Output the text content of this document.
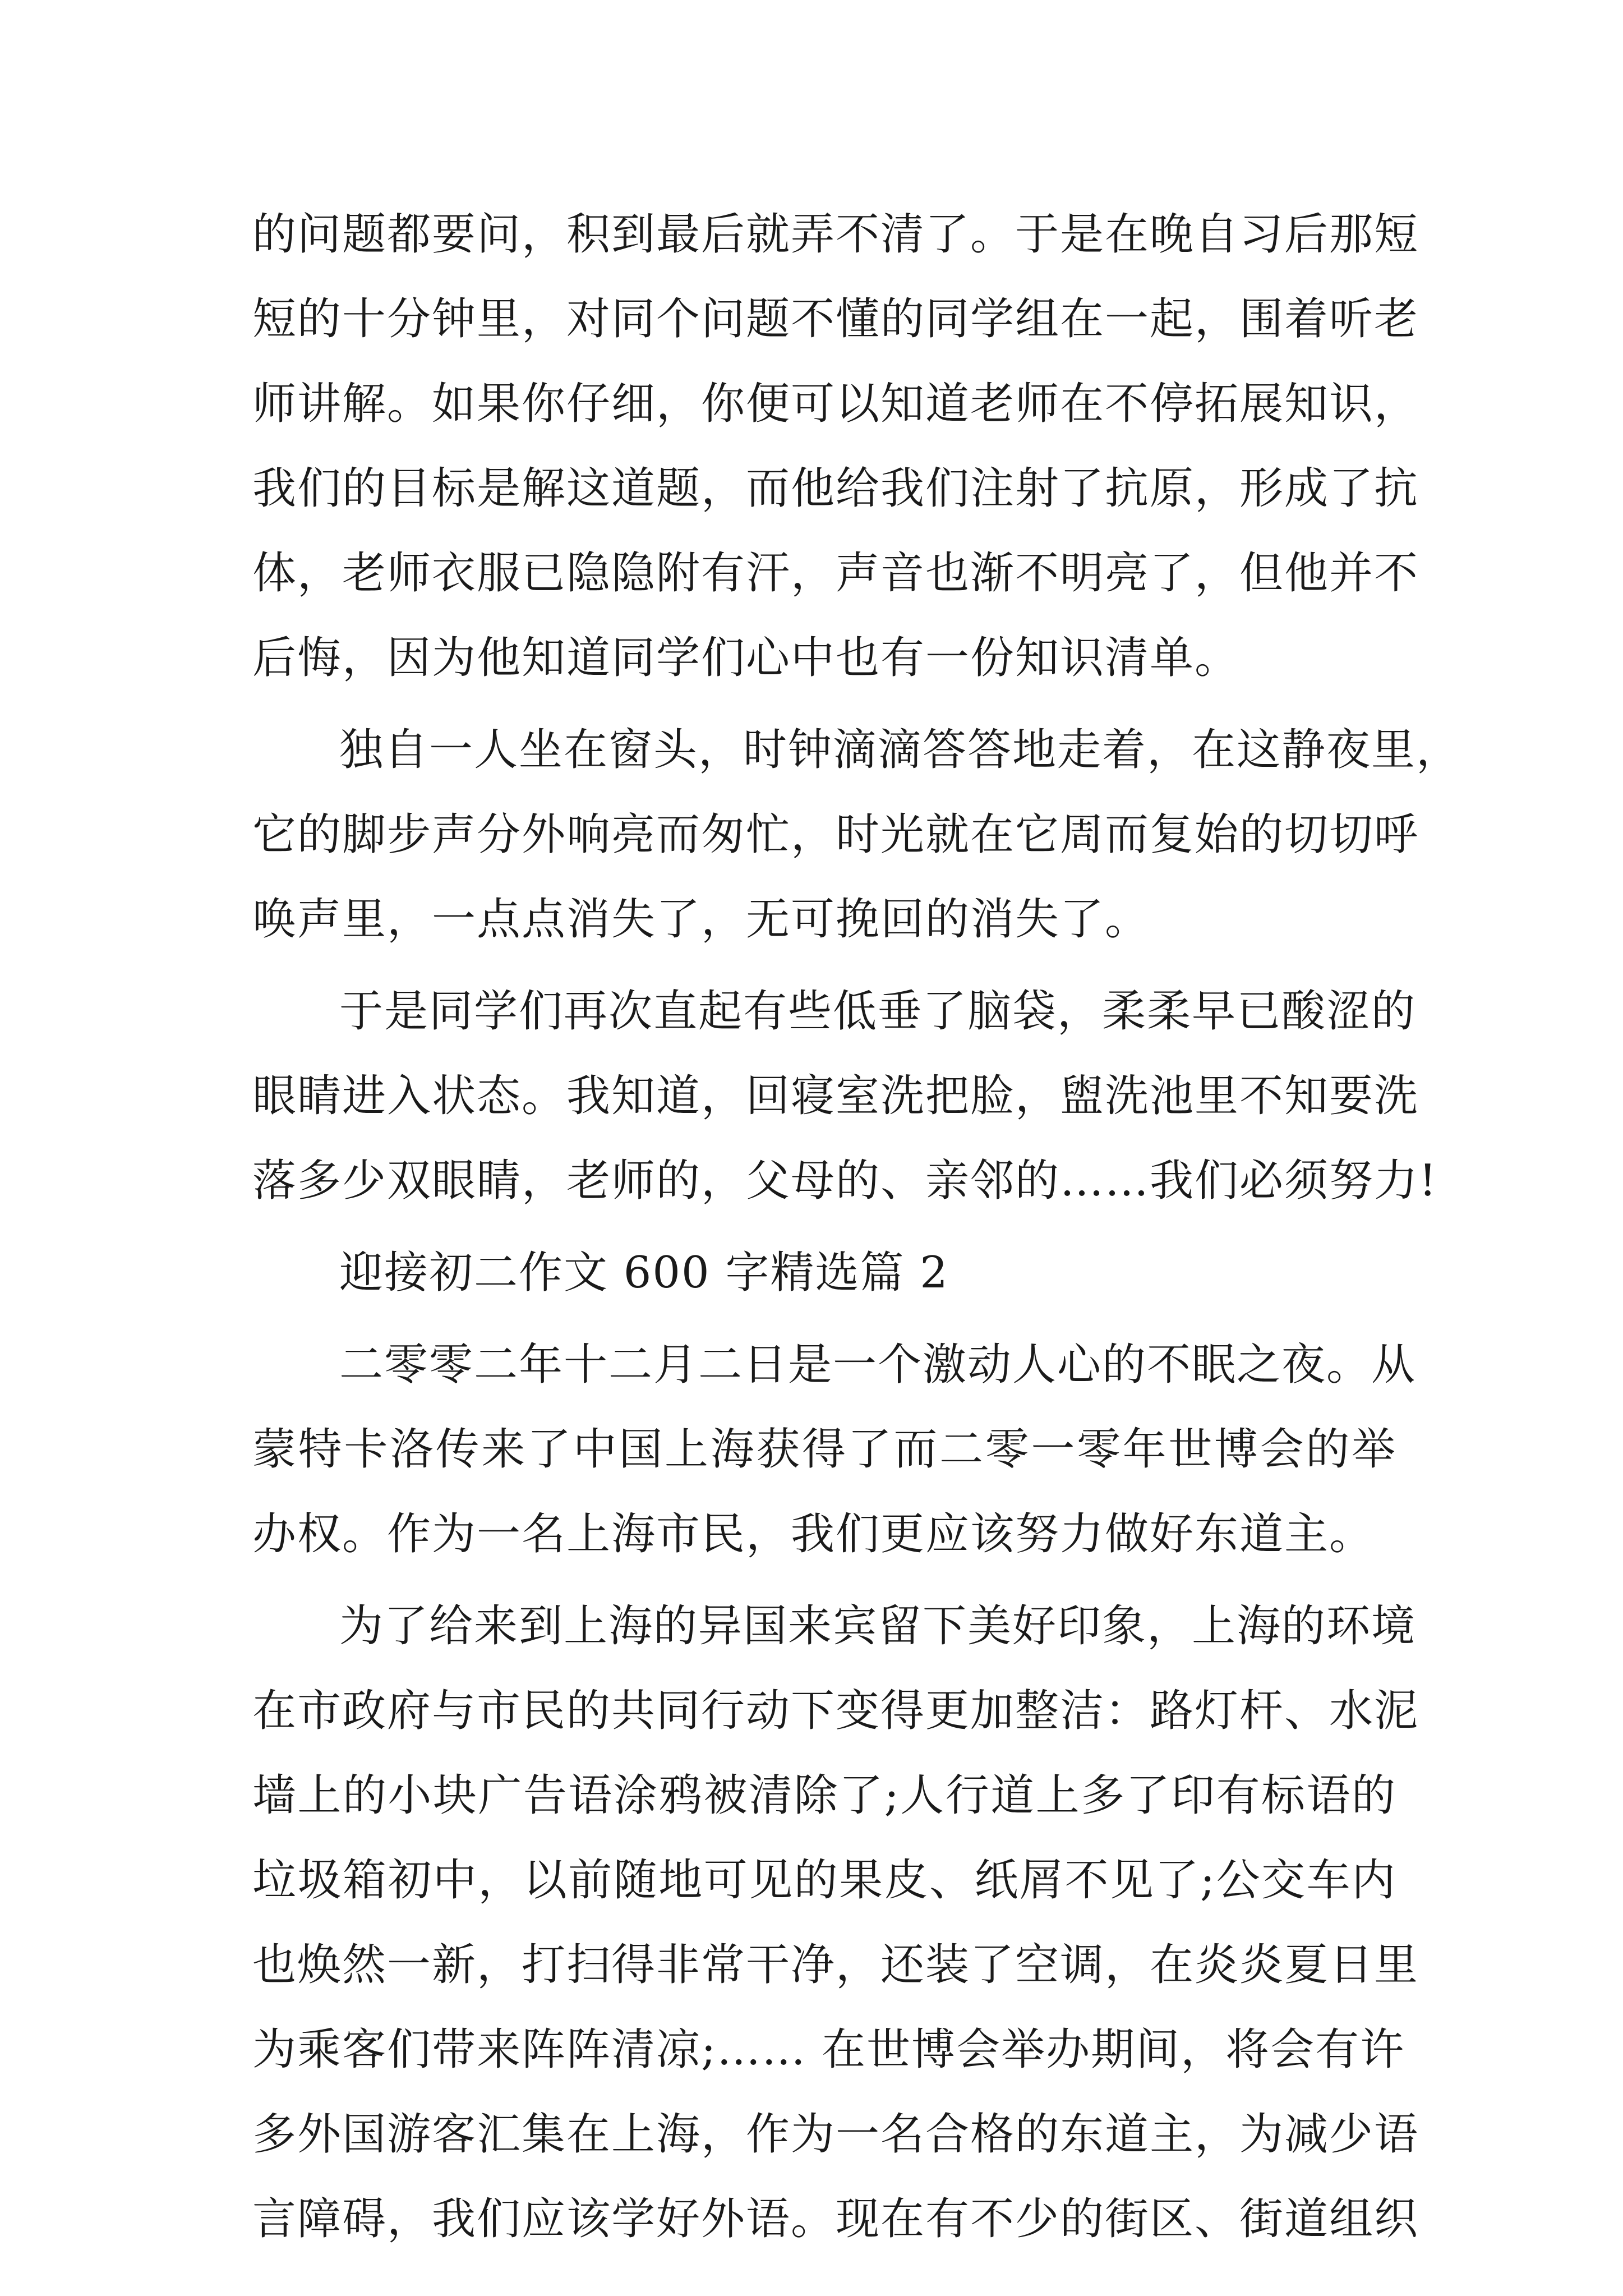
的问题都要问，积到最后就弄不清了。于是在晚自习后那短
短的十分钟里，对同个问题不懂的同学组在一起，围着听老
师讲解。如果你仔细，你便可以知道老师在不停拓展知识，
我们的目标是解这道题，而他给我们注射了抗原，形成了抗
体，老师衣服已隐隐附有汗，声音也渐不明亮了，但他并不
后悔，因为他知道同学们心中也有一份知识清单。
独自一人坐在窗头，时钟滴滴答答地走着，在这静夜里，
它的脚步声分外响亮而匆忙，时光就在它周而复始的切切呼
唤声里，一点点消失了，无可挽回的消失了。
于是同学们再次直起有些低垂了脑袋，柔柔早已酸涩的
眼睛进入状态。我知道，回寝室洗把脸，盥洗池里不知要洗
落多少双眼睛，老师的，父母的、亲邻的……我们必须努力!
迎接初二作文 600 字精选篇 2
二零零二年十二月二日是一个激动人心的不眠之夜。从
蒙特卡洛传来了中国上海获得了而二零一零年世博会的举
办权。作为一名上海市民，我们更应该努力做好东道主。
为了给来到上海的异国来宾留下美好印象，上海的环境
在市政府与市民的共同行动下变得更加整洁：路灯杆、水泥
墙上的小块广告语涂鸦被清除了;人行道上多了印有标语的
垃圾箱初中，以前随地可见的果皮、纸屑不见了;公交车内
也焕然一新，打扫得非常干净，还装了空调，在炎炎夏日里
为乘客们带来阵阵清凉;…… 在世博会举办期间，将会有许
多外国游客汇集在上海，作为一名合格的东道主，为减少语
言障碍，我们应该学好外语。现在有不少的街区、街道组织
